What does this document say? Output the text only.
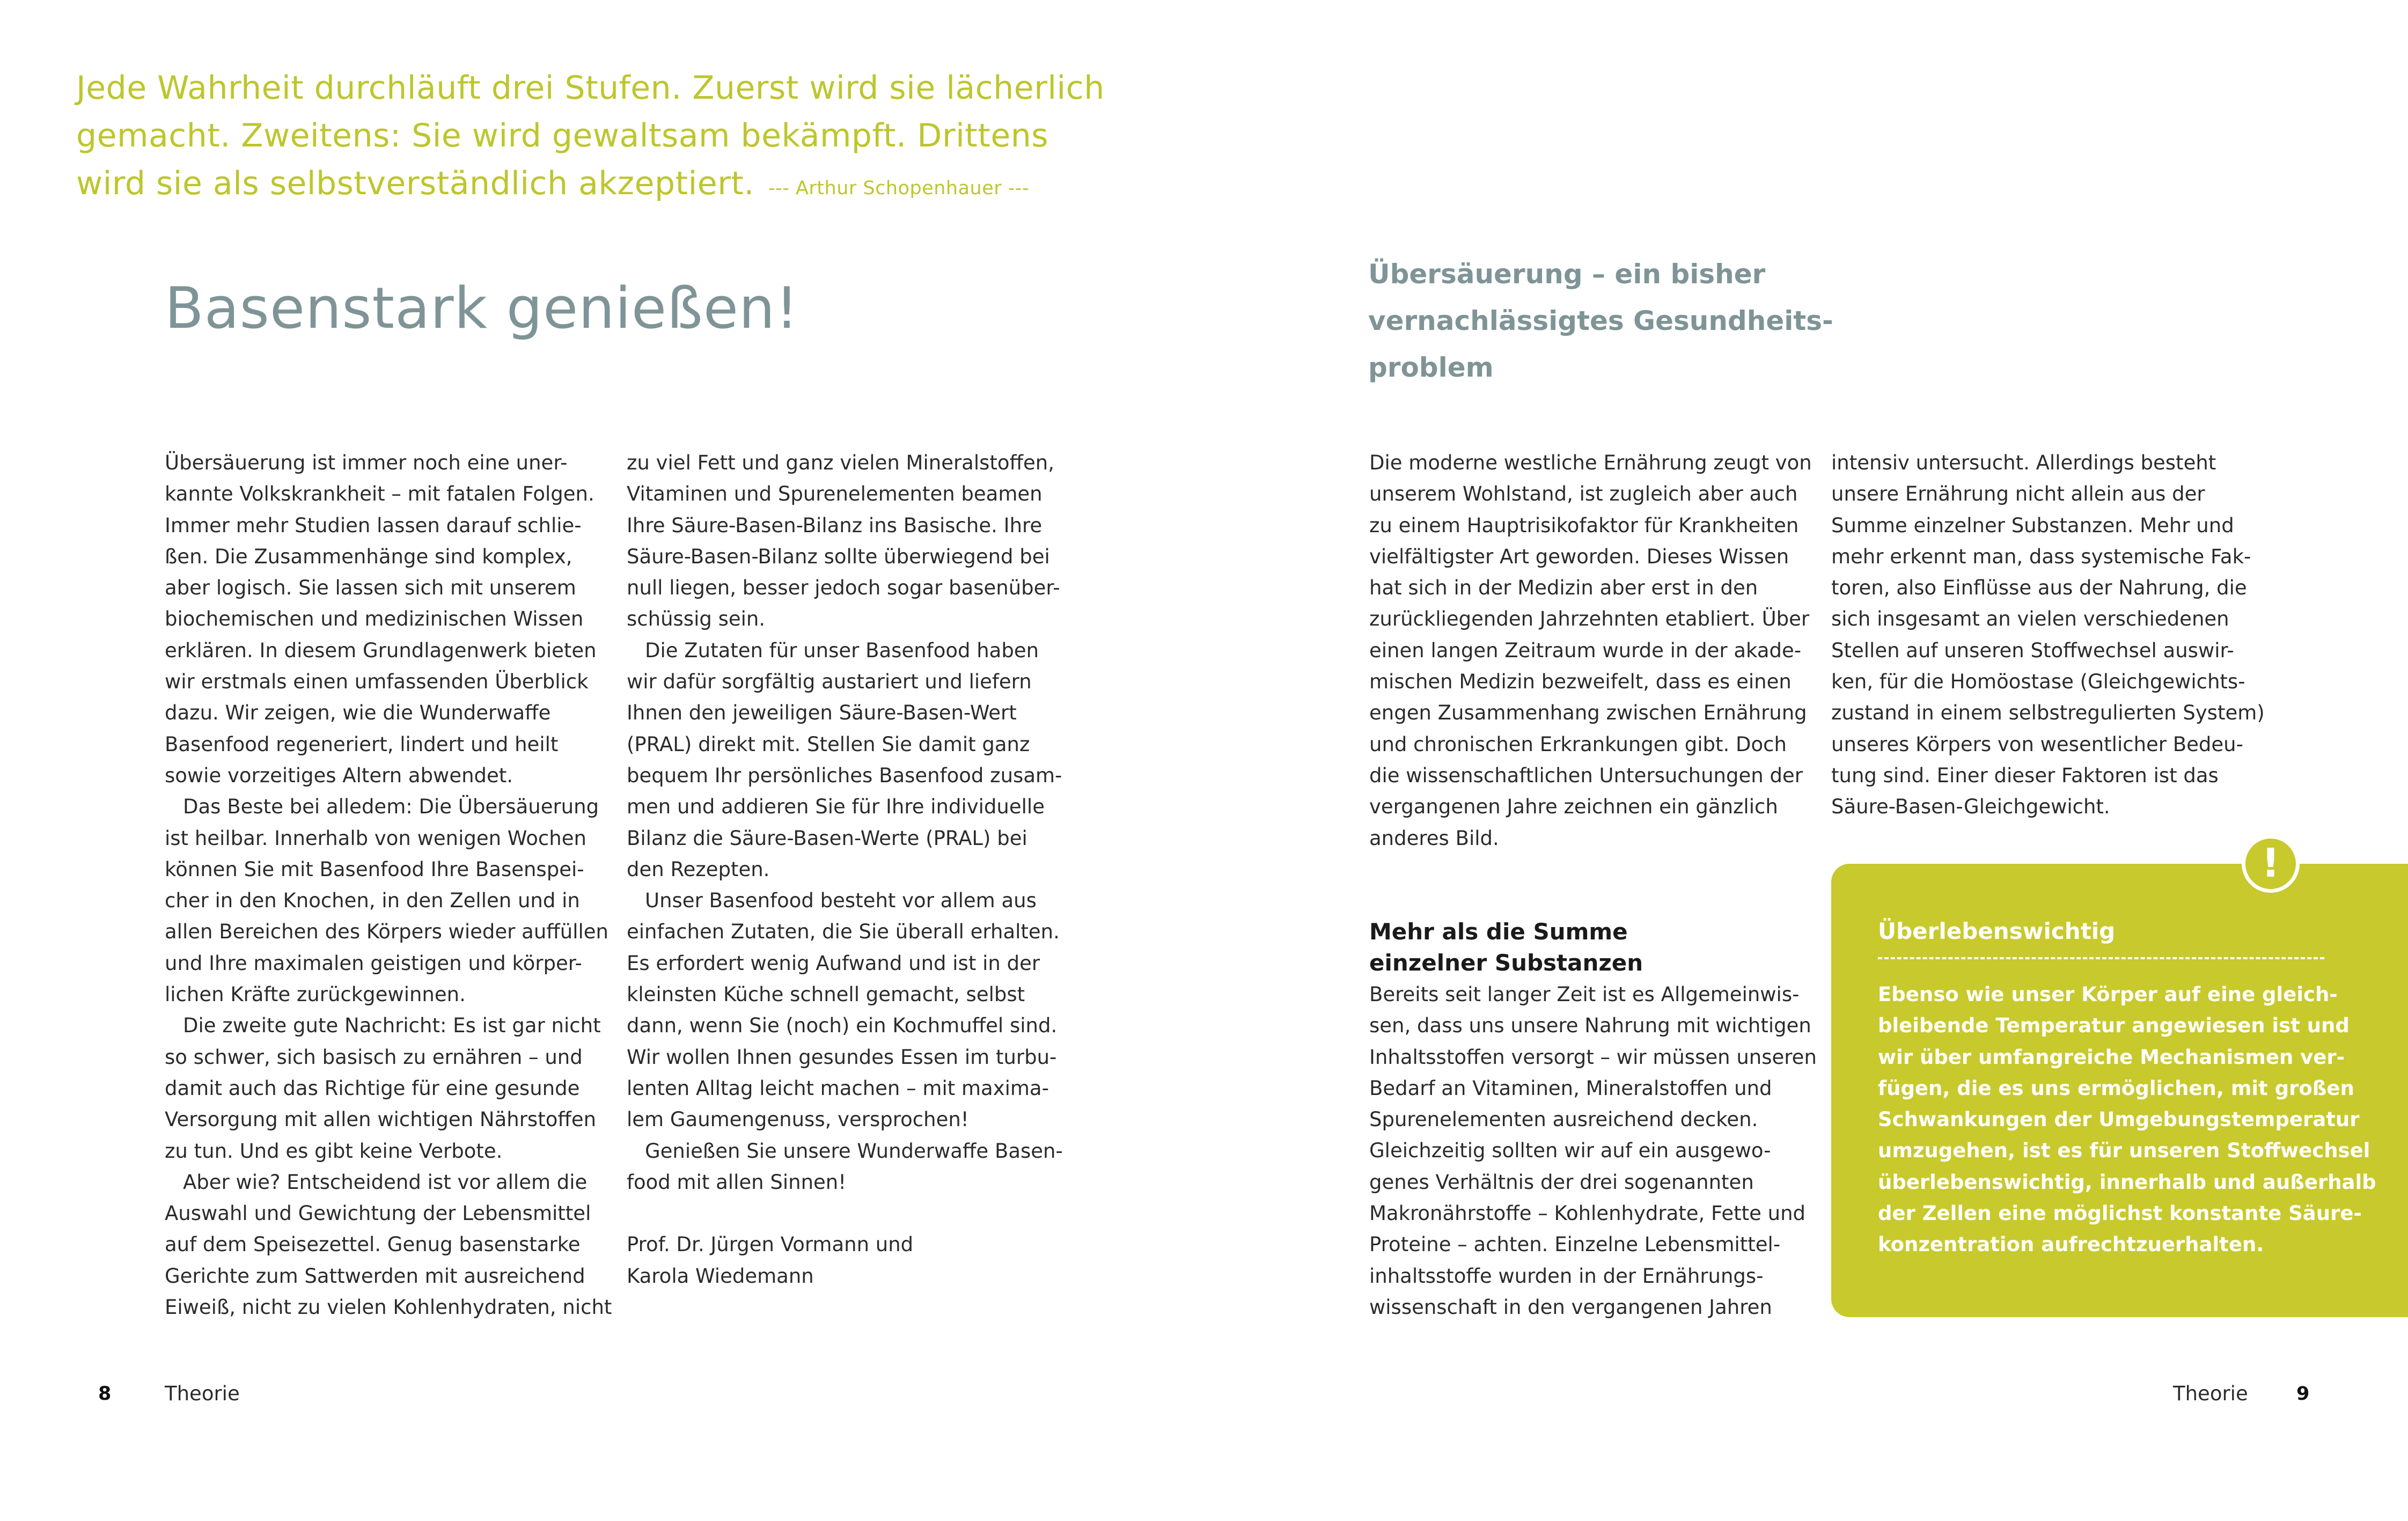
Jede Wahrheit durchläuft drei Stufen. Zuerst wird sie lächerlich
gemacht. Zweitens: Sie wird gewaltsam bekämpft. Drittens
wird sie als selbstverständlich akzeptiert. --- Arthur Schopenhauer ---
Basenstark genießen!
Übersäuerung – ein bisher
vernachlässigtes Gesundheits-
problem
Übersäuerung ist immer noch eine uner-
kannte Volkskrankheit – mit fatalen Folgen.
Immer mehr Studien lassen darauf schlie-
ßen. Die Zusammenhänge sind komplex,
aber logisch. Sie lassen sich mit unserem
biochemischen und medizinischen Wissen
erklären. In diesem Grundlagenwerk bieten
wir erstmals einen umfassenden Überblick
dazu. Wir zeigen, wie die Wunderwaffe
Basenfood regeneriert, lindert und heilt
sowie vorzeitiges Altern abwendet.
Das Beste bei alledem: Die Übersäuerung
ist heilbar. Innerhalb von wenigen Wochen
können Sie mit Basenfood Ihre Basenspei-
cher in den Knochen, in den Zellen und in
allen Bereichen des Körpers wieder auffüllen
und Ihre maximalen geistigen und körper-
lichen Kräfte zurückgewinnen.
Die zweite gute Nachricht: Es ist gar nicht
so schwer, sich basisch zu ernähren – und
damit auch das Richtige für eine gesunde
Versorgung mit allen wichtigen Nährstoffen
zu tun. Und es gibt keine Verbote.
Aber wie? Entscheidend ist vor allem die
Auswahl und Gewichtung der Lebensmittel
auf dem Speisezettel. Genug basenstarke
Gerichte zum Sattwerden mit ausreichend
Eiweiß, nicht zu vielen Kohlenhydraten, nicht
zu viel Fett und ganz vielen Mineralstoffen,
Vitaminen und Spurenelementen beamen
Ihre Säure-Basen-Bilanz ins Basische. Ihre
Säure-Basen-Bilanz sollte überwiegend bei
null liegen, besser jedoch sogar basenüber-
schüssig sein.
Die Zutaten für unser Basenfood haben
wir dafür sorgfältig austariert und liefern
Ihnen den jeweiligen Säure-Basen-Wert
(PRAL) direkt mit. Stellen Sie damit ganz
bequem Ihr persönliches Basenfood zusam-
men und addieren Sie für Ihre individuelle
Bilanz die Säure-Basen-Werte (PRAL) bei
den Rezepten.
Unser Basenfood besteht vor allem aus
einfachen Zutaten, die Sie überall erhalten.
Es erfordert wenig Aufwand und ist in der
kleinsten Küche schnell gemacht, selbst
dann, wenn Sie (noch) ein Kochmuffel sind.
Wir wollen Ihnen gesundes Essen im turbu-
lenten Alltag leicht machen – mit maxima-
lem Gaumengenuss, versprochen!
Genießen Sie unsere Wunderwaffe Basen-
food mit allen Sinnen!
Prof. Dr. Jürgen Vormann und
Karola Wiedemann
Die moderne westliche Ernährung zeugt von
unserem Wohlstand, ist zugleich aber auch
zu einem Hauptrisikofaktor für Krankheiten
vielfältigster Art geworden. Dieses Wissen
hat sich in der Medizin aber erst in den
zurückliegenden Jahrzehnten etabliert. Über
einen langen Zeitraum wurde in der akade-
mischen Medizin bezweifelt, dass es einen
engen Zusammenhang zwischen Ernährung
und chronischen Erkrankungen gibt. Doch
die wissenschaftlichen Untersuchungen der
vergangenen Jahre zeichnen ein gänzlich
anderes Bild.
Mehr als die Summe
einzelner Substanzen
Bereits seit langer Zeit ist es Allgemeinwis-
sen, dass uns unsere Nahrung mit wichtigen
Inhaltsstoffen versorgt – wir müssen unseren
Bedarf an Vitaminen, Mineralstoffen und
Spurenelementen ausreichend decken.
Gleichzeitig sollten wir auf ein ausgewo-
genes Verhältnis der drei sogenannten
Makronährstoffe – Kohlenhydrate, Fette und
Proteine – achten. Einzelne Lebensmittel-
inhaltsstoffe wurden in der Ernährungs-
wissenschaft in den vergangenen Jahren
intensiv untersucht. Allerdings besteht
unsere Ernährung nicht allein aus der
Summe einzelner Substanzen. Mehr und
mehr erkennt man, dass systemische Fak-
toren, also Einflüsse aus der Nahrung, die
sich insgesamt an vielen verschiedenen
Stellen auf unseren Stoffwechsel auswir-
ken, für die Homöostase (Gleichgewichts-
zustand in einem selbstregulierten System)
unseres Körpers von wesentlicher Bedeu-
tung sind. Einer dieser Faktoren ist das
Säure-Basen-Gleichgewicht.
!
Überlebenswichtig
Ebenso wie unser Körper auf eine gleich-
bleibende Temperatur angewiesen ist und
wir über umfangreiche Mechanismen ver-
fügen, die es uns ermöglichen, mit großen
Schwankungen der Umgebungstemperatur
umzugehen, ist es für unseren Stoffwechsel
überlebenswichtig, innerhalb und außerhalb
der Zellen eine möglichst konstante Säure-
konzentration aufrechtzuerhalten.
8	Theorie	Theorie	9
